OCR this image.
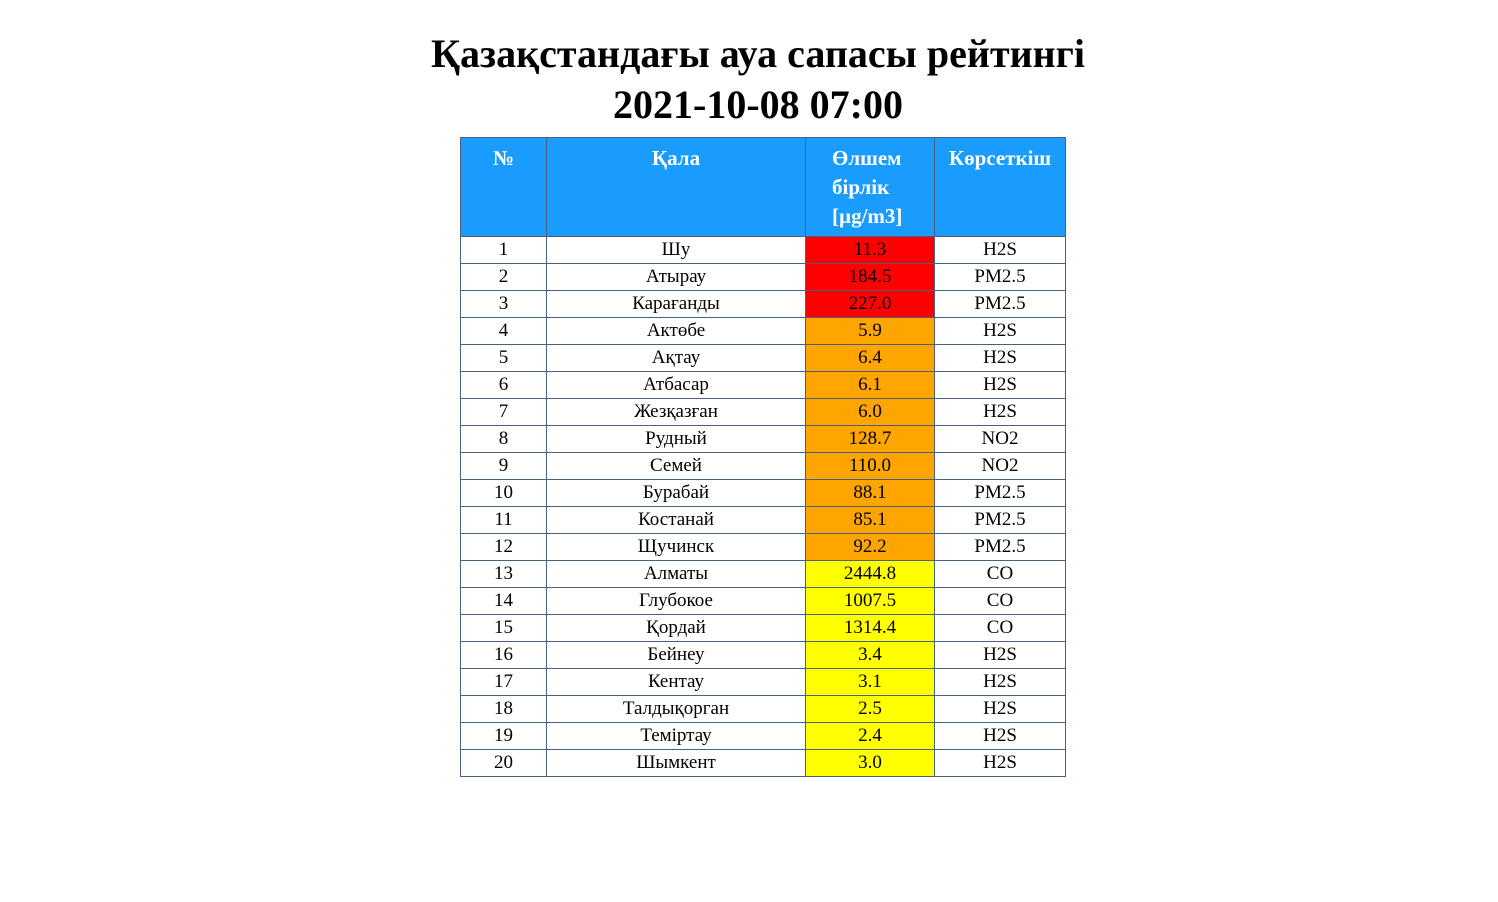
Қазақстандағы ауа сапасы рейтингі
2021-10-08 07:00
№	Қала	Өлшем бірлік [µg/m3]	Көрсеткіш
1	Шу	11.3	H2S
2	Атырау	184.5	PM2.5
3	Карағанды	227.0	PM2.5
4	Актөбе	5.9	H2S
5	Ақтау	6.4	H2S
6	Атбасар	6.1	H2S
7	Жезқазған	6.0	H2S
8	Рудный	128.7	NO2
9	Семей	110.0	NO2
10	Бурабай	88.1	PM2.5
11	Костанай	85.1	PM2.5
12	Щучинск	92.2	PM2.5
13	Алматы	2444.8	CO
14	Глубокое	1007.5	CO
15	Қордай	1314.4	CO
16	Бейнеу	3.4	H2S
17	Кентау	3.1	H2S
18	Талдықорган	2.5	H2S
19	Теміртау	2.4	H2S
20	Шымкент	3.0	H2S
